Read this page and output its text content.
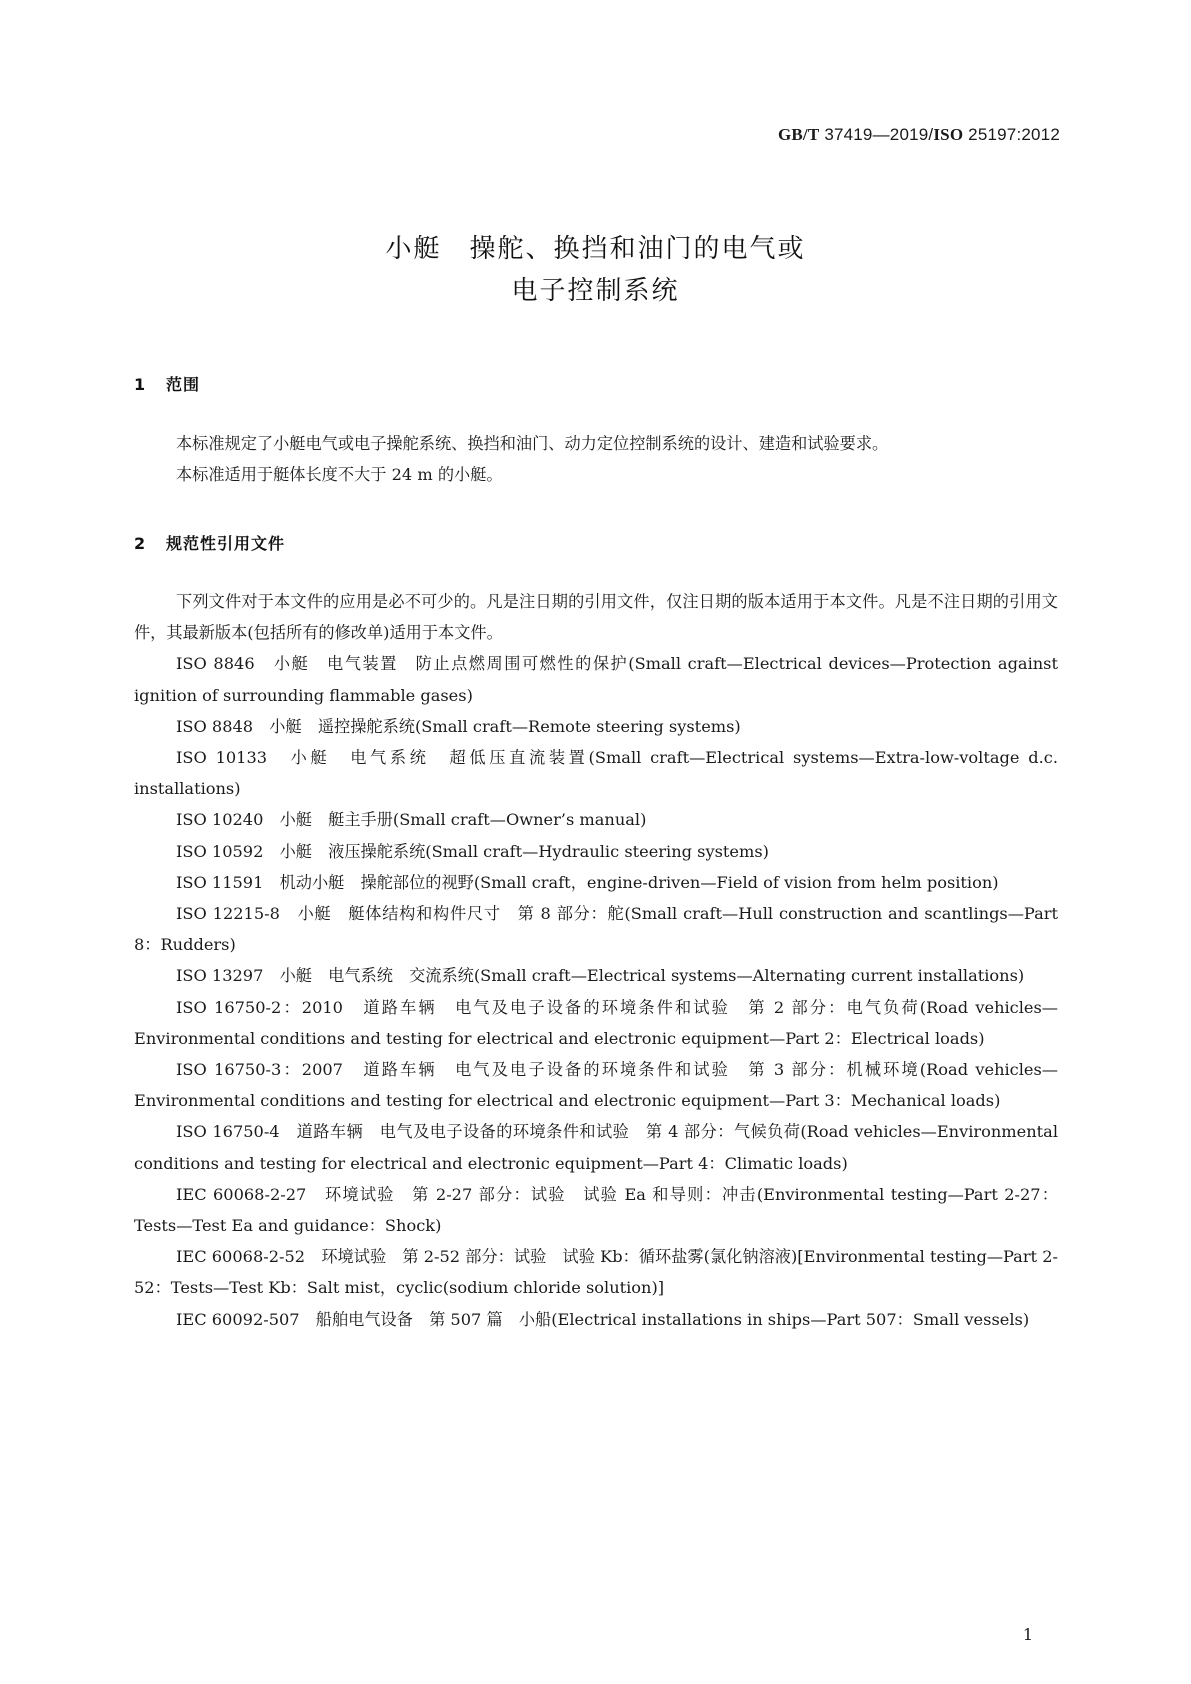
GB/T 37419—2019/ISO 25197:2012
小艇　操舵、换挡和油门的电气或
电子控制系统
1 范围

本标准规定了小艇电气或电子操舵系统、换挡和油门、动力定位控制系统的设计、建造和试验要求。

本标准适用于艇体长度不大于 24 m 的小艇。

2 规范性引用文件

下列文件对于本文件的应用是必不可少的。凡是注日期的引用文件，仅注日期的版本适用于本文件。凡是不注日期的引用文件，其最新版本(包括所有的修改单)适用于本文件。

ISO 8846　小艇　电气装置　防止点燃周围可燃性的保护(Small craft—Electrical devices—Protection against ignition of surrounding flammable gases)

ISO 8848　小艇　遥控操舵系统(Small craft—Remote steering systems)

ISO 10133　小艇　电气系统　超低压直流装置(Small craft—Electrical systems—Extra-low-voltage d.c. installations)

ISO 10240　小艇　艇主手册(Small craft—Owner’s manual)

ISO 10592　小艇　液压操舵系统(Small craft—Hydraulic steering systems)

ISO 11591　机动小艇　操舵部位的视野(Small craft，engine-driven—Field of vision from helm position)

ISO 12215-8　小艇　艇体结构和构件尺寸　第 8 部分：舵(Small craft—Hull construction and scantlings—Part 8：Rudders)

ISO 13297　小艇　电气系统　交流系统(Small craft—Electrical systems—Alternating current installations)

ISO 16750-2：2010　道路车辆　电气及电子设备的环境条件和试验　第 2 部分：电气负荷(Road vehicles—Environmental conditions and testing for electrical and electronic equipment—Part 2：Electrical loads)

ISO 16750-3：2007　道路车辆　电气及电子设备的环境条件和试验　第 3 部分：机械环境(Road vehicles—Environmental conditions and testing for electrical and electronic equipment—Part 3：Mechanical loads)

ISO 16750-4　道路车辆　电气及电子设备的环境条件和试验　第 4 部分：气候负荷(Road vehicles—Environmental conditions and testing for electrical and electronic equipment—Part 4：Climatic loads)

IEC 60068-2-27　环境试验　第 2-27 部分：试验　试验 Ea 和导则：冲击(Environmental testing—Part 2-27：Tests—Test Ea and guidance：Shock)

IEC 60068-2-52　环境试验　第 2-52 部分：试验　试验 Kb：循环盐雾(氯化钠溶液)[Environmental testing—Part 2-52：Tests—Test Kb：Salt mist，cyclic(sodium chloride solution)]

IEC 60092-507　船舶电气设备　第 507 篇　小船(Electrical installations in ships—Part 507：Small vessels)

1
